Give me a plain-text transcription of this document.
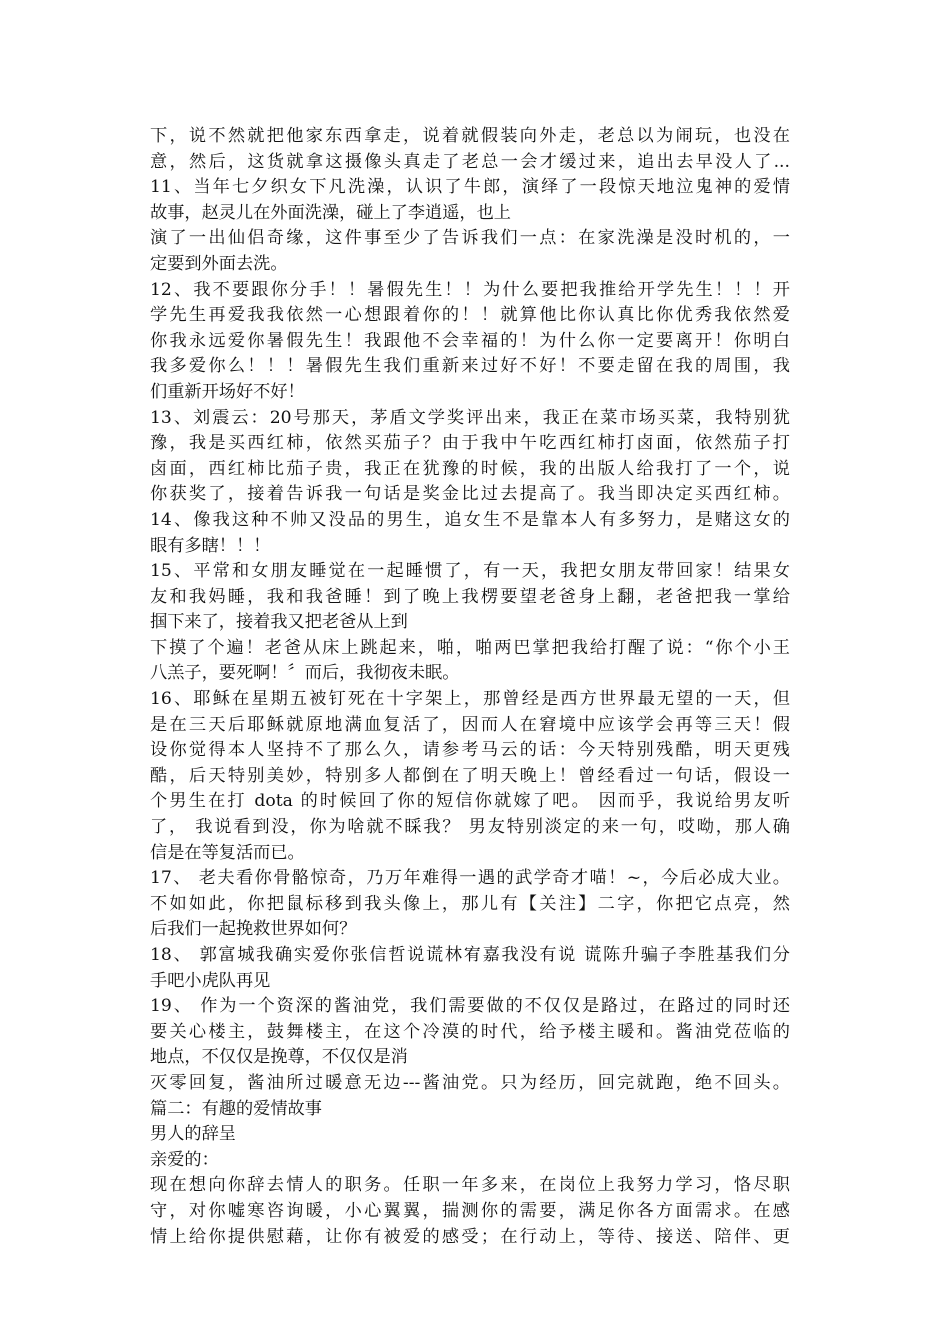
下，说不然就把他家东西拿走，说着就假装向外走，老总以为闹玩，也没在
意，然后，这货就拿这摄像头真走了老总一会才缓过来，追出去早没人了...
11、当年七夕织女下凡洗澡，认识了牛郎，演绎了一段惊天地泣鬼神的爱情
故事，赵灵儿在外面洗澡，碰上了李逍遥，也上
演了一出仙侣奇缘，这件事至少了告诉我们一点：在家洗澡是没时机的，一
定要到外面去洗。
12、我不要跟你分手！！暑假先生！！为什么要把我推给开学先生！！！开
学先生再爱我我依然一心想跟着你的！！就算他比你认真比你优秀我依然爱
你我永远爱你暑假先生！我跟他不会幸福的！为什么你一定要离开！你明白
我多爱你么！！！暑假先生我们重新来过好不好！不要走留在我的周围，我
们重新开场好不好！
13、刘震云：20号那天，茅盾文学奖评出来，我正在菜市场买菜，我特别犹
豫，我是买西红柿，依然买茄子？由于我中午吃西红柿打卤面，依然茄子打
卤面，西红柿比茄子贵，我正在犹豫的时候，我的出版人给我打了一个，说
你获奖了，接着告诉我一句话是奖金比过去提高了。我当即决定买西红柿。
14、像我这种不帅又没品的男生，追女生不是靠本人有多努力，是赌这女的
眼有多瞎！！！
15、平常和女朋友睡觉在一起睡惯了，有一天，我把女朋友带回家！结果女
友和我妈睡，我和我爸睡！到了晚上我楞要望老爸身上翻，老爸把我一掌给
掴下来了，接着我又把老爸从上到
下摸了个遍！老爸从床上跳起来，啪，啪两巴掌把我给打醒了说：“你个小王
八羔子，要死啊！〞而后，我彻夜未眠。
16、耶稣在星期五被钉死在十字架上，那曾经是西方世界最无望的一天，但
是在三天后耶稣就原地满血复活了，因而人在窘境中应该学会再等三天！假
设你觉得本人坚持不了那么久，请参考马云的话：今天特别残酷，明天更残
酷，后天特别美妙，特别多人都倒在了明天晚上！曾经看过一句话，假设一
个男生在打 dota 的时候回了你的短信你就嫁了吧。 因而乎，我说给男友听
了， 我说看到没，你为啥就不睬我？ 男友特别淡定的来一句，哎呦，那人确
信是在等复活而已。
17、 老夫看你骨骼惊奇，乃万年难得一遇的武学奇才喵！~，今后必成大业。
不如如此，你把鼠标移到我头像上，那儿有【关注】二字，你把它点亮，然
后我们一起挽救世界如何？
18、 郭富城我确实爱你张信哲说谎林宥嘉我没有说 谎陈升骗子李胜基我们分
手吧小虎队再见
19、 作为一个资深的酱油党，我们需要做的不仅仅是路过，在路过的同时还
要关心楼主，鼓舞楼主，在这个冷漠的时代，给予楼主暖和。酱油党莅临的
地点，不仅仅是挽尊，不仅仅是消
灭零回复，酱油所过暖意无边---酱油党。只为经历，回完就跑，绝不回头。
篇二：有趣的爱情故事
男人的辞呈
亲爱的：
现在想向你辞去情人的职务。任职一年多来，在岗位上我努力学习，恪尽职
守，对你嘘寒咨询暖，小心翼翼，揣测你的需要，满足你各方面需求。在感
情上给你提供慰藉，让你有被爱的感受；在行动上，等待、接送、陪伴、更
